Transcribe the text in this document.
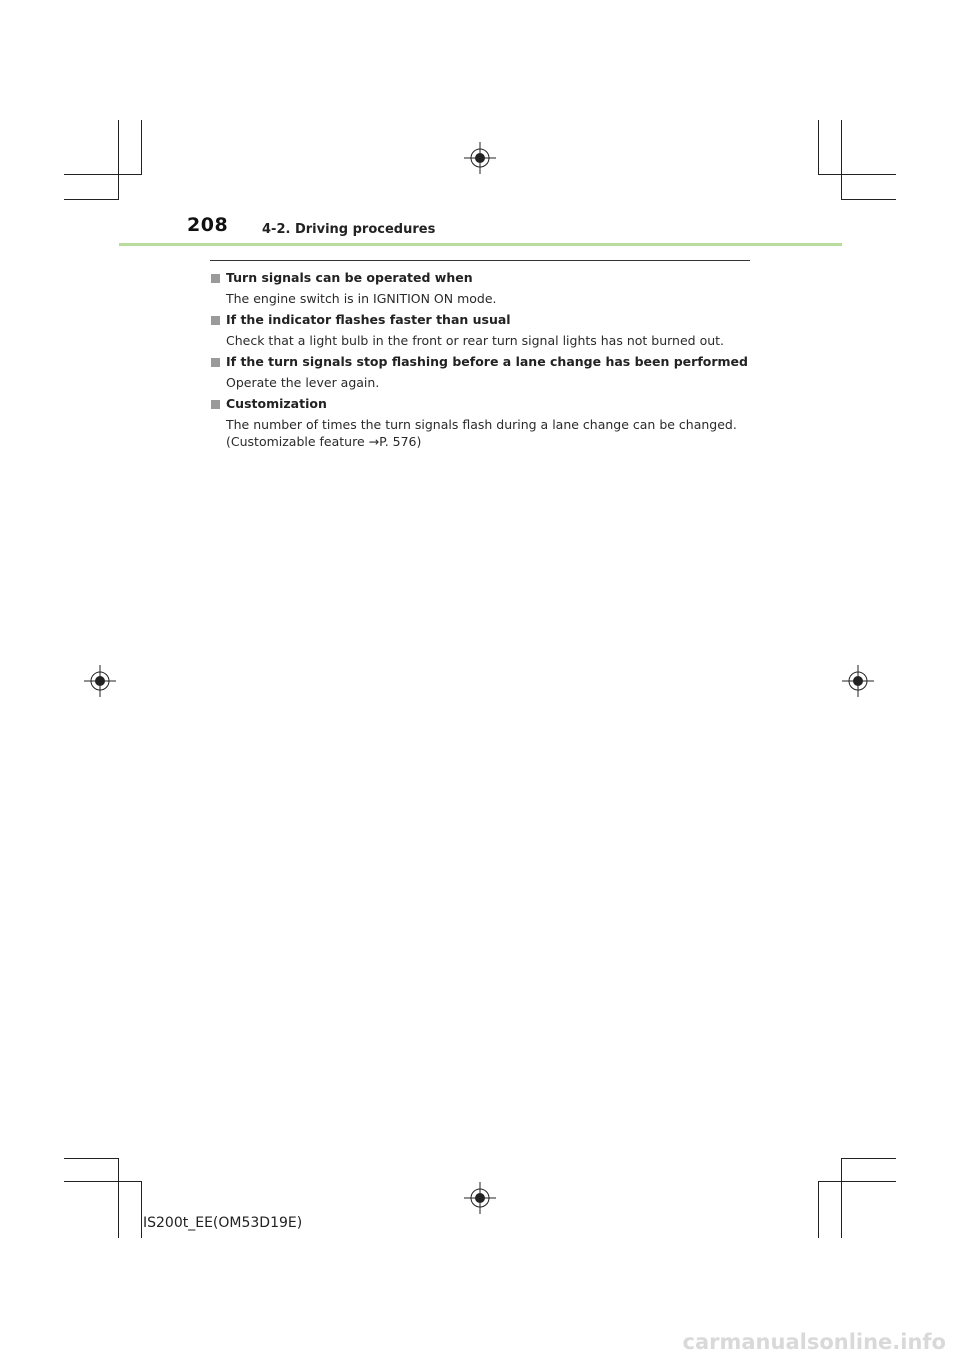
208	4-2. Driving procedures
Turn signals can be operated when
The engine switch is in IGNITION ON mode.
If the indicator flashes faster than usual
Check that a light bulb in the front or rear turn signal lights has not burned out.
If the turn signals stop flashing before a lane change has been performed
Operate the lever again.
Customization
The number of times the turn signals flash during a lane change can be changed.
(Customizable feature →P. 576)
IS200t_EE(OM53D19E)
carmanualsonline.info
